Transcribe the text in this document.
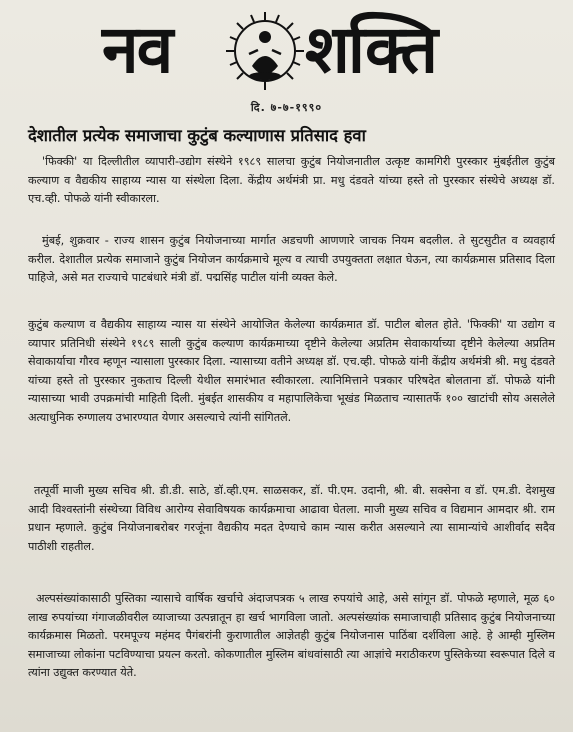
नव शक्ति
दि. ७-७-१९९०
देशातील प्रत्येक समाजाचा कुटुंब कल्याणास प्रतिसाद हवा

'फिक्की' या दिल्लीतील व्यापारी-उद्योग संस्थेने १९८९ सालचा कुटुंब नियोजनातील उत्कृष्ट कामगिरी पुरस्कार मुंबईतील कुटुंब कल्याण व वैद्यकीय साहाय्य न्यास या संस्थेला दिला. केंद्रीय अर्थमंत्री प्रा. मधु दंडवते यांच्या हस्ते तो पुरस्कार संस्थेचे अध्यक्ष डॉ. एच.व्ही. पोफळे यांनी स्वीकारला.

मुंबई, शुक्रवार - राज्य शासन कुटुंब नियोजनाच्या मार्गात अडचणी आणणारे जाचक नियम बदलील. ते सुटसुटीत व व्यवहार्य करील. देशातील प्रत्येक समाजाने कुटुंब नियोजन कार्यक्रमाचे मूल्य व त्याची उपयुक्तता लक्षात घेऊन, त्या कार्यक्रमास प्रतिसाद दिला पाहिजे, असे मत राज्याचे पाटबंधारे मंत्री डॉ. पद्मसिंह पाटील यांनी व्यक्त केले.

कुटुंब कल्याण व वैद्यकीय साहाय्य न्यास या संस्थेने आयोजित केलेल्या कार्यक्रमात डॉ. पाटील बोलत होते. 'फिक्की' या उद्योग व व्यापार प्रतिनिधी संस्थेने १९८९ साली कुटुंब कल्याण कार्यक्रमाच्या दृष्टीने केलेल्या अप्रतिम सेवाकार्याच्या दृष्टीने केलेल्या अप्रतिम सेवाकार्याचा गौरव म्हणून न्यासाला पुरस्कार दिला. न्यासाच्या वतीने अध्यक्ष डॉ. एच.व्ही. पोफळे यांनी केंद्रीय अर्थमंत्री श्री. मधु दंडवते यांच्या हस्ते तो पुरस्कार नुकताच दिल्ली येथील समारंभात स्वीकारला. त्यानिमित्ताने पत्रकार परिषदेत बोलताना डॉ. पोफळे यांनी न्यासाच्या भावी उपक्रमांची माहिती दिली. मुंबईत शासकीय व महापालिकेचा भूखंड मिळताच न्यासातर्फे १०० खाटांची सोय असलेले अत्याधुनिक रुग्णालय उभारण्यात येणार असल्याचे त्यांनी सांगितले.

तत्पूर्वी माजी मुख्य सचिव श्री. डी.डी. साठे, डॉ.व्ही.एम. साळसकर, डॉ. पी.एम. उदानी, श्री. बी. सक्सेना व डॉ. एम.डी. देशमुख आदी विश्वस्तांनी संस्थेच्या विविध आरोग्य सेवाविषयक कार्यक्रमाचा आढावा घेतला. माजी मुख्य सचिव व विद्यमान आमदार श्री. राम प्रधान म्हणाले. कुटुंब नियोजनाबरोबर गरजूंना वैद्यकीय मदत देण्याचे काम न्यास करीत असल्याने त्या सामान्यांचे आशीर्वाद सदैव पाठीशी राहतील.

अल्पसंख्यांकासाठी पुस्तिका न्यासाचे वार्षिक खर्चाचे अंदाजपत्रक ५ लाख रुपयांचे आहे, असे सांगून डॉ. पोफळे म्हणाले, मूळ ६० लाख रुपयांच्या गंगाजळीवरील व्याजाच्या उत्पन्नातून हा खर्च भागविला जातो. अल्पसंख्यांक समाजाचाही प्रतिसाद कुटुंब नियोजनाच्या कार्यक्रमास मिळतो. परमपूज्य महंमद पैगंबरांनी कुराणातील आज्ञेतही कुटुंब नियोजनास पाठिंबा दर्शविला आहे. हे आम्ही मुस्लिम समाजाच्या लोकांना पटविण्याचा प्रयत्न करतो. कोकणातील मुस्लिम बांधवांसाठी त्या आज्ञांचे मराठीकरण पुस्तिकेच्या स्वरूपात दिले व त्यांना उद्युक्त करण्यात येते.
